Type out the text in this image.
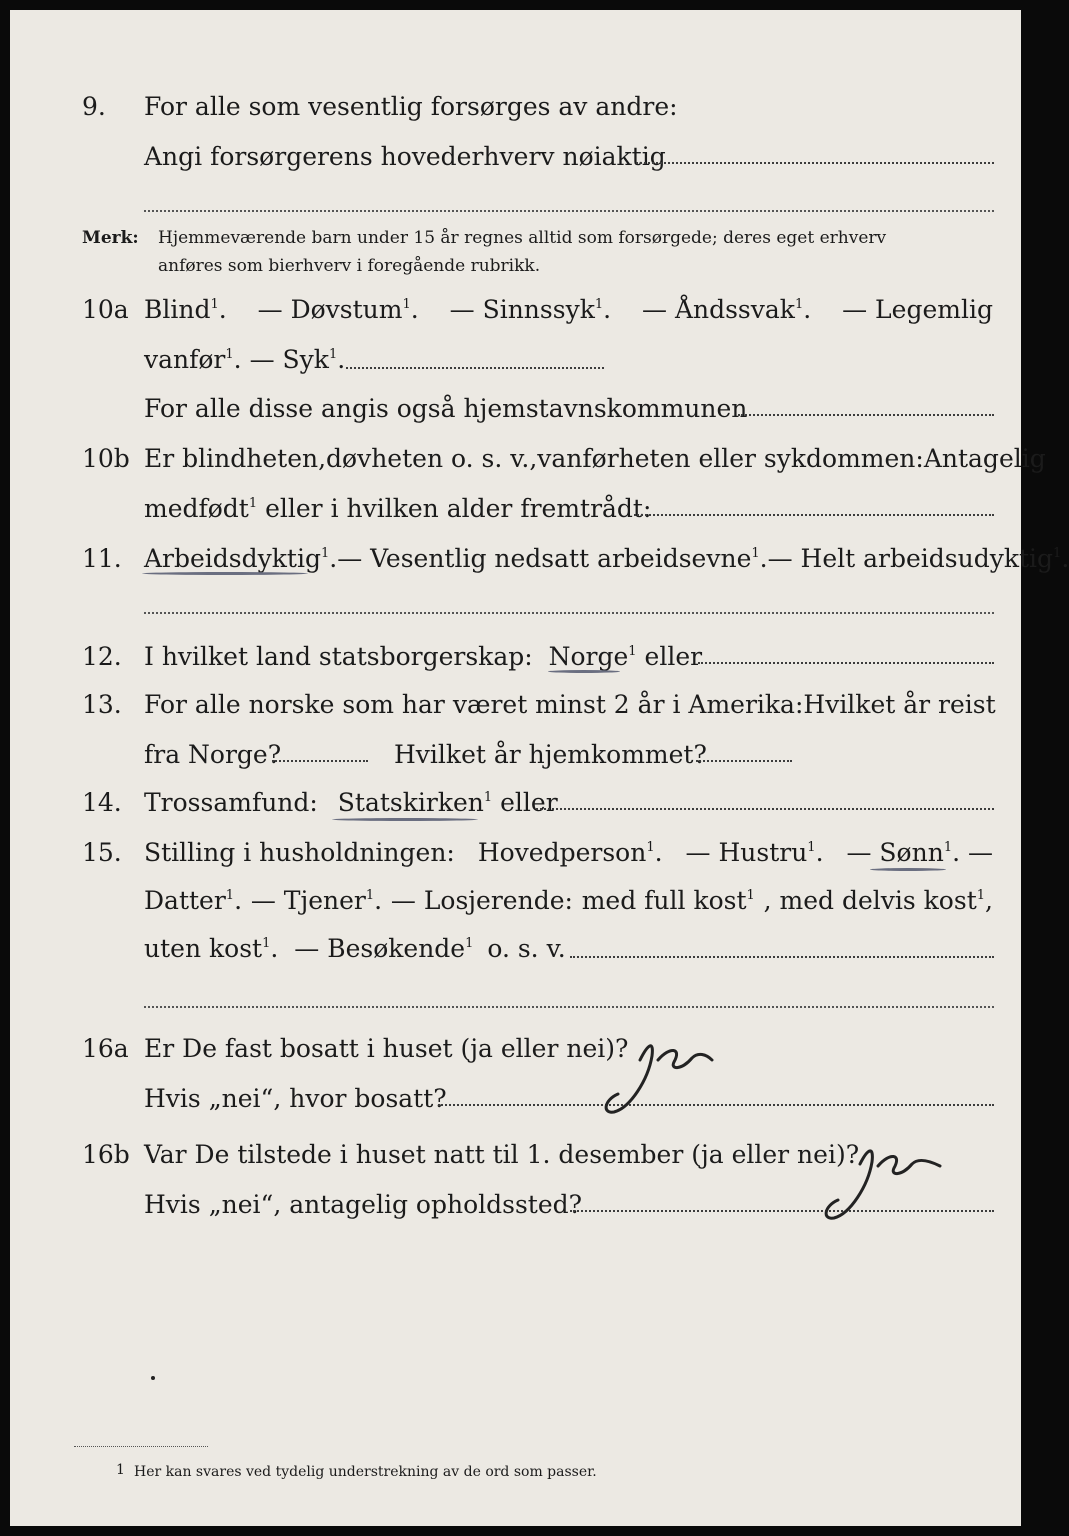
9. For alle som vesentlig forsørges av andre:
Angi forsørgerens hovederhverv nøiaktig
Merk: Hjemmeværende barn under 15 år regnes alltid som forsørgede; deres eget erhverv
anføres som bierhverv i foregående rubrikk.
10a Blind$^1$. — Døvstum$^1$. — Sinnssyk$^1$. — Åndssvak$^1$. — Legemlig
vanfør$^1$. — Syk$^1$.
For alle disse angis også hjemstavnskommunen
10b Er blindheten, døvheten o. s. v., vanførheten eller sykdommen: Antagelig
medfødt$^1$ eller i hvilken alder fremtrådt:
11. Arbeidsdyktig$^1$. — Vesentlig nedsatt arbeidsevne$^1$. — Helt arbeidsudyktig$^1$.
12. I hvilket land statsborgerskap: Norge$^1$ eller
13. For alle norske som har været minst 2 år i Amerika: Hvilket år reist
fra Norge?	Hvilket år hjemkommet?
14. Trossamfund: Statskirken$^1$ eller
15. Stilling i husholdningen: Hovedperson$^1$. — Hustru$^1$. — Sønn$^1$. —
Datter$^1$. — Tjener$^1$. — Losjerende: med full kost$^1$ , med delvis kost$^1$,
uten kost$^1$. — Besøkende$^1$ o. s. v.
16a Er De fast bosatt i huset (ja eller nei)?
Hvis „nei“, hvor bosatt?
16b Var De tilstede i huset natt til 1. desember (ja eller nei)?
Hvis „nei“, antagelig opholdssted?
1 Her kan svares ved tydelig understrekning av de ord som passer.
